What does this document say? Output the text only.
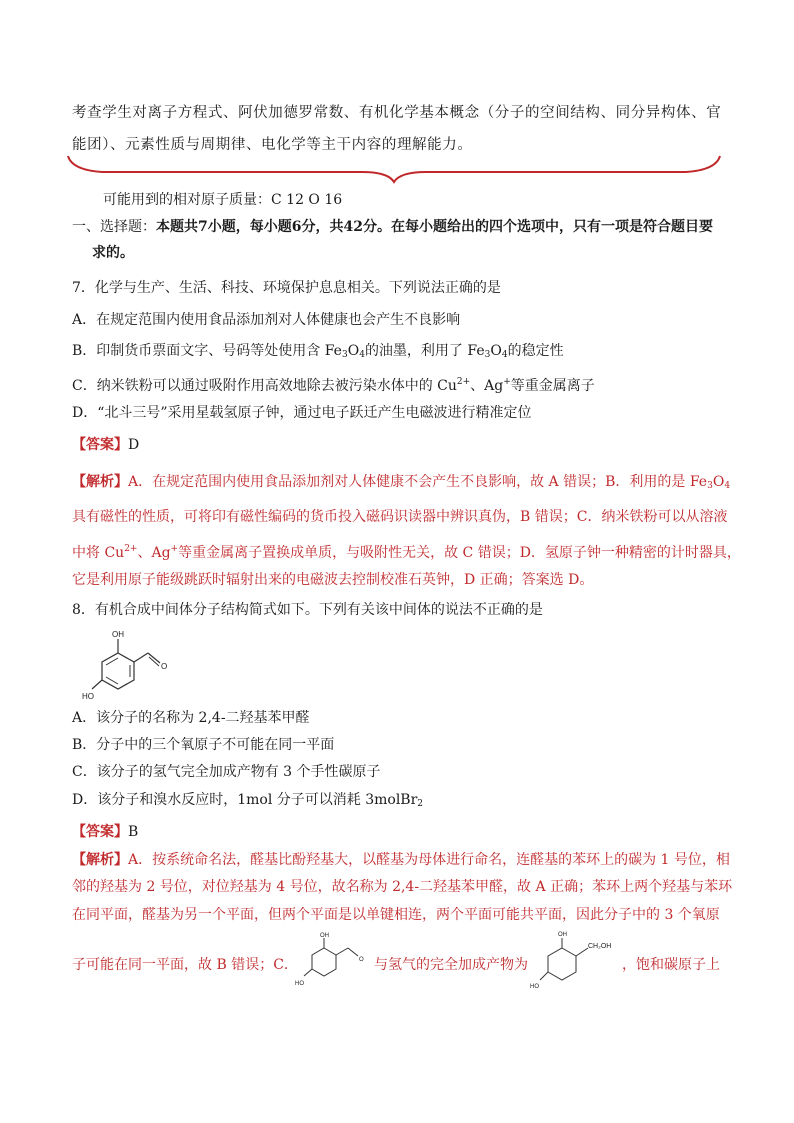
考查学生对离子方程式、阿伏加德罗常数、有机化学基本概念（分子的空间结构、同分异构体、官
能团）、元素性质与周期律、电化学等主干内容的理解能力。
可能用到的相对原子质量：C 12 O 16
一、选择题：本题共7小题，每小题6分，共42分。在每小题给出的四个选项中，只有一项是符合题目要
求的。
7．化学与生产、生活、科技、环境保护息息相关。下列说法正确的是
A．在规定范围内使用食品添加剂对人体健康也会产生不良影响
B．印制货币票面文字、号码等处使用含 $Fe_3O_4$的油墨，利用了 $Fe_3O_4$的稳定性
C．纳米铁粉可以通过吸附作用高效地除去被污染水体中的 $Cu^{2+}$、Ag+等重金属离子
D．“北斗三号”采用星载氢原子钟，通过电子跃迁产生电磁波进行精准定位
【答案】D
【解析】A．在规定范围内使用食品添加剂对人体健康不会产生不良影响，故 A 错误；B．利用的是 $Fe_3O_4$
具有磁性的性质，可将印有磁性编码的货币投入磁码识读器中辨识真伪，B 错误；C．纳米铁粉可以从溶液
中将 $Cu^{2+}$、Ag+等重金属离子置换成单质，与吸附性无关，故 C 错误；D．氢原子钟一种精密的计时器具，
它是利用原子能级跳跃时辐射出来的电磁波去控制校准石英钟，D 正确；答案选 D。
8．有机合成中间体分子结构简式如下。下列有关该中间体的说法不正确的是
OH
HO
O
A．该分子的名称为 2,4-二羟基苯甲醛
B．分子中的三个氧原子不可能在同一平面
C．该分子的氢气完全加成产物有 3 个手性碳原子
D．该分子和溴水反应时，1mol 分子可以消耗 3molBr$_2$
【答案】B
【解析】A．按系统命名法，醛基比酚羟基大，以醛基为母体进行命名，连醛基的苯环上的碳为 1 号位，相
邻的羟基为 2 号位，对位羟基为 4 号位，故名称为 2,4-二羟基苯甲醛，故 A 正确；苯环上两个羟基与苯环
在同平面，醛基为另一个平面，但两个平面是以单键相连，两个平面可能共平面，因此分子中的 3 个氧原
子可能在同一平面，故 B 错误；C．
OH
HO
O 与氢气的完全加成产物为
OH
HO
CH₂OH
，饱和碳原子上
